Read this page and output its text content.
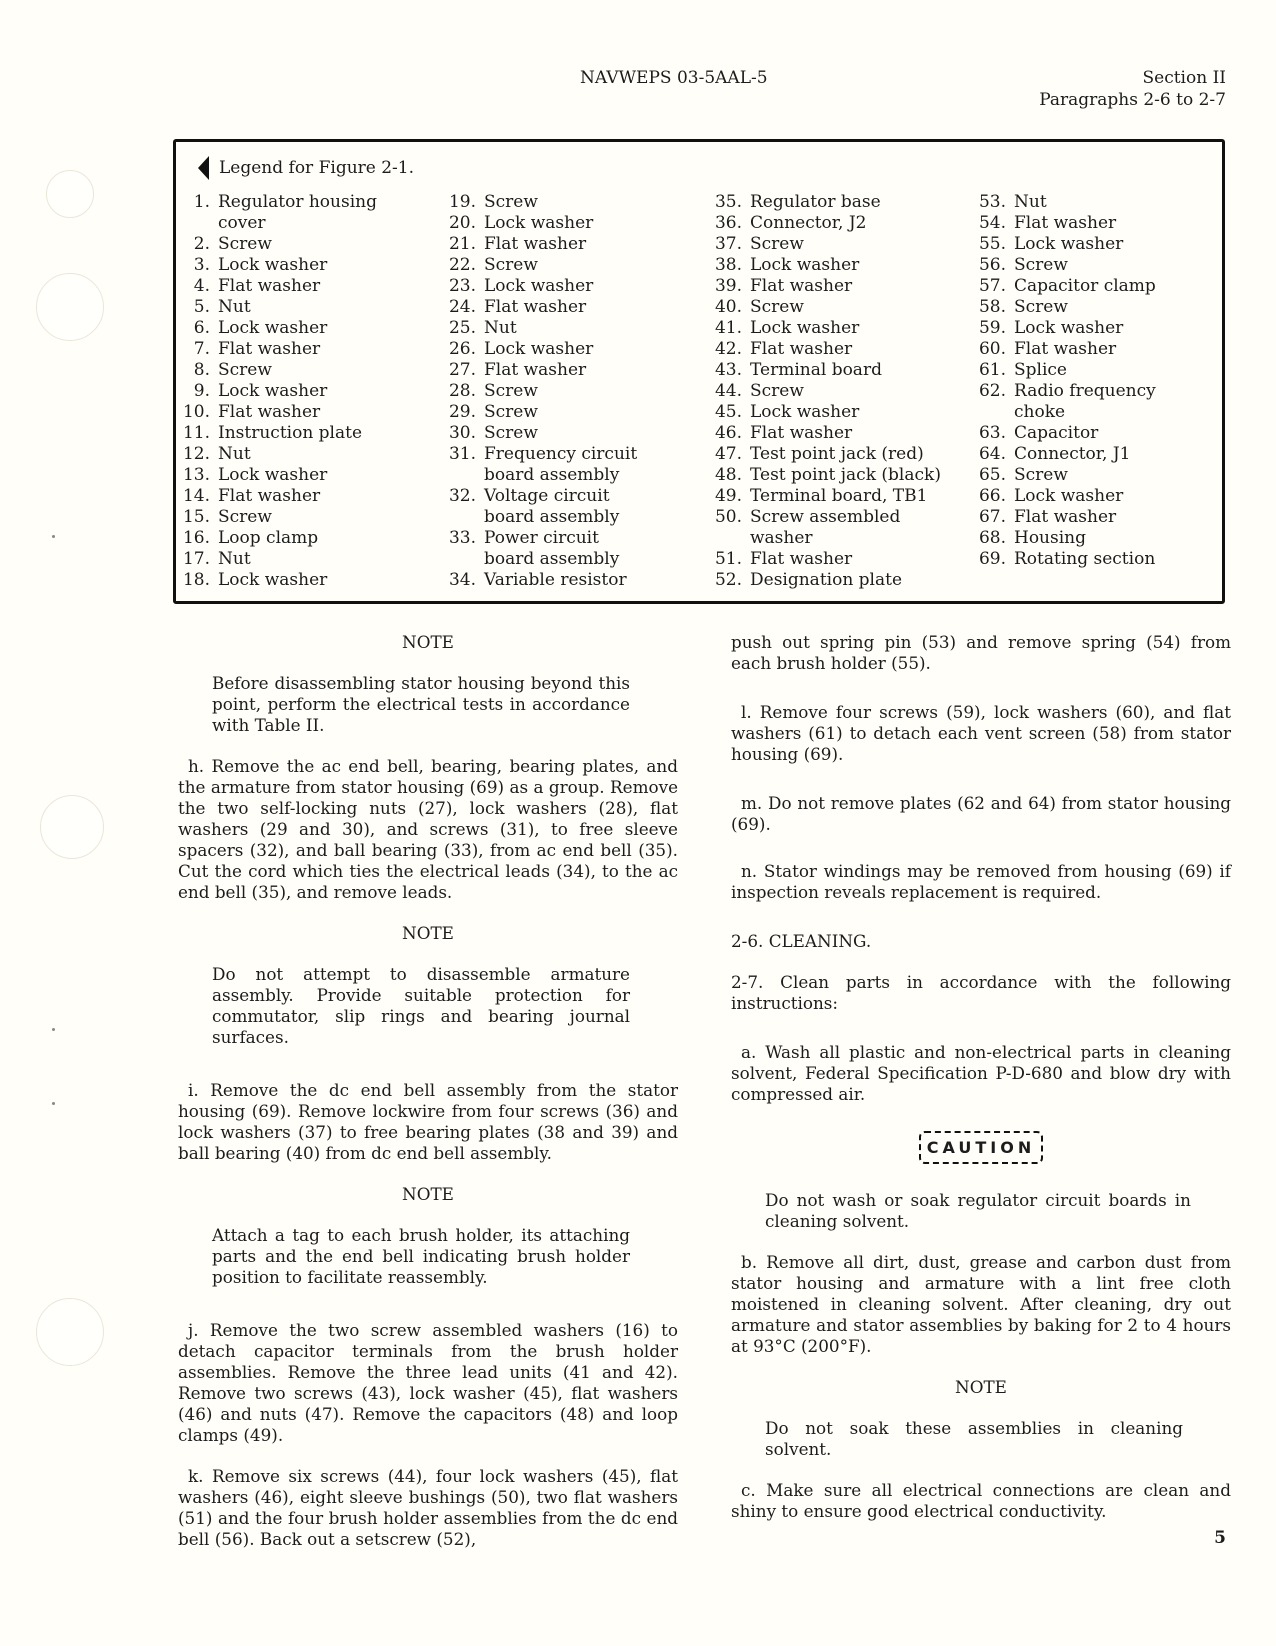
NAVWEPS 03-5AAL-5	Section II
Paragraphs 2-6 to 2-7
Legend for Figure 2-1.
1. Regulator housing
cover
2. Screw
3. Lock washer
4. Flat washer
5. Nut
6. Lock washer
7. Flat washer
8. Screw
9. Lock washer
10. Flat washer
11. Instruction plate
12. Nut
13. Lock washer
14. Flat washer
15. Screw
16. Loop clamp
17. Nut
18. Lock washer
19. Screw
20. Lock washer
21. Flat washer
22. Screw
23. Lock washer
24. Flat washer
25. Nut
26. Lock washer
27. Flat washer
28. Screw
29. Screw
30. Screw
31. Frequency circuit
board assembly
32. Voltage circuit
board assembly
33. Power circuit
board assembly
34. Variable resistor
35. Regulator base
36. Connector, J2
37. Screw
38. Lock washer
39. Flat washer
40. Screw
41. Lock washer
42. Flat washer
43. Terminal board
44. Screw
45. Lock washer
46. Flat washer
47. Test point jack (red)
48. Test point jack (black)
49. Terminal board, TB1
50. Screw assembled
washer
51. Flat washer
52. Designation plate
53. Nut
54. Flat washer
55. Lock washer
56. Screw
57. Capacitor clamp
58. Screw
59. Lock washer
60. Flat washer
61. Splice
62. Radio frequency
choke
63. Capacitor
64. Connector, J1
65. Screw
66. Lock washer
67. Flat washer
68. Housing
69. Rotating section

NOTE

Before disassembling stator housing beyond this point, perform the electrical tests in accordance with Table II.

h. Remove the ac end bell, bearing, bearing plates, and the armature from stator housing (69) as a group. Remove the two self-locking nuts (27), lock washers (28), flat washers (29 and 30), and screws (31), to free sleeve spacers (32), and ball bearing (33), from ac end bell (35). Cut the cord which ties the electrical leads (34), to the ac end bell (35), and remove leads.

NOTE

Do not attempt to disassemble armature assembly. Provide suitable protection for commutator, slip rings and bearing journal surfaces.

i. Remove the dc end bell assembly from the stator housing (69). Remove lockwire from four screws (36) and lock washers (37) to free bearing plates (38 and 39) and ball bearing (40) from dc end bell assembly.

NOTE

Attach a tag to each brush holder, its attaching parts and the end bell indicating brush holder position to facilitate reassembly.

j. Remove the two screw assembled washers (16) to detach capacitor terminals from the brush holder assemblies. Remove the three lead units (41 and 42). Remove two screws (43), lock washer (45), flat washers (46) and nuts (47). Remove the capacitors (48) and loop clamps (49).

k. Remove six screws (44), four lock washers (45), flat washers (46), eight sleeve bushings (50), two flat washers (51) and the four brush holder assemblies from the dc end bell (56). Back out a setscrew (52),

push out spring pin (53) and remove spring (54) from each brush holder (55).

l. Remove four screws (59), lock washers (60), and flat washers (61) to detach each vent screen (58) from stator housing (69).

m. Do not remove plates (62 and 64) from stator housing (69).

n. Stator windings may be removed from housing (69) if inspection reveals replacement is required.

2-6. CLEANING.

2-7. Clean parts in accordance with the following instructions:

a. Wash all plastic and non-electrical parts in cleaning solvent, Federal Specification P-D-680 and blow dry with compressed air.

CAUTION

Do not wash or soak regulator circuit boards in cleaning solvent.

b. Remove all dirt, dust, grease and carbon dust from stator housing and armature with a lint free cloth moistened in cleaning solvent. After cleaning, dry out armature and stator assemblies by baking for 2 to 4 hours at 93°C (200°F).

NOTE

Do not soak these assemblies in cleaning solvent.

c. Make sure all electrical connections are clean and shiny to ensure good electrical conductivity.

5
